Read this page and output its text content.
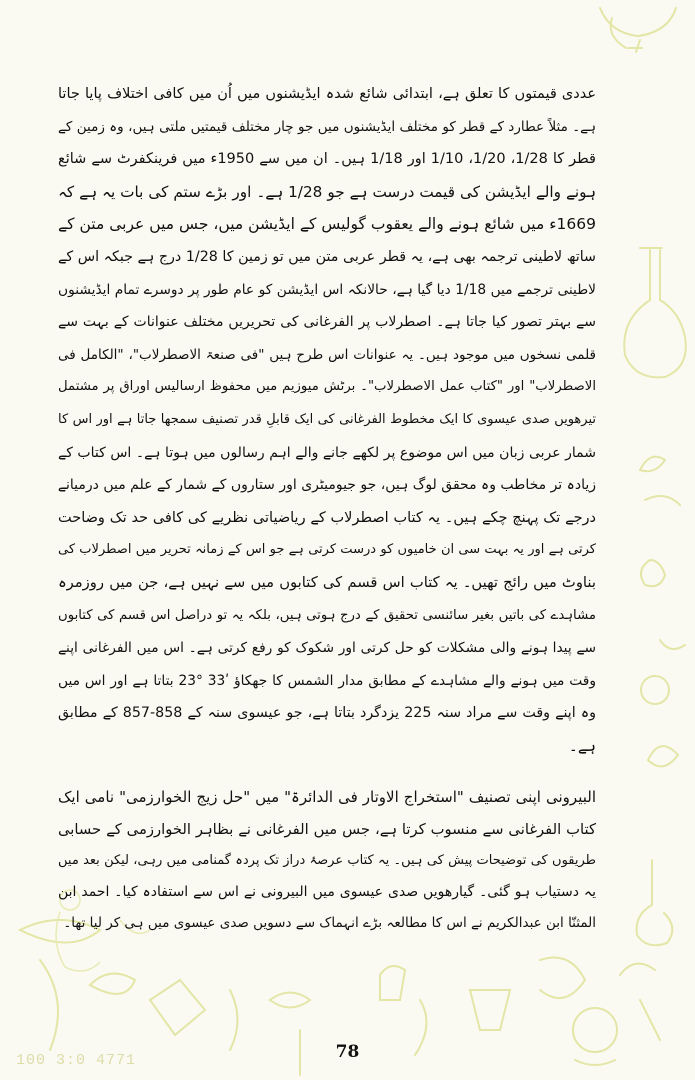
عددی قیمتوں کا تعلق ہے، ابتدائی شائع شدہ ایڈیشنوں میں اُن میں کافی اختلاف پایا جاتا
ہے۔ مثلاً عطارد کے قطر کو مختلف ایڈیشنوں میں جو چار مختلف قیمتیں ملتی ہیں، وہ زمین کے
قطر کا 1/28، 1/20، 1/10 اور 1/18 ہیں۔ ان میں سے 1950ء میں فرینکفرٹ سے شائع
ہونے والے ایڈیشن کی قیمت درست ہے جو 1/28 ہے۔ اور بڑے ستم کی بات یہ ہے کہ
1669ء میں شائع ہونے والے یعقوب گولیس کے ایڈیشن میں، جس میں عربی متن کے
ساتھ لاطینی ترجمہ بھی ہے، یہ قطر عربی متن میں تو زمین کا 1/28 درج ہے جبکہ اس کے
لاطینی ترجمے میں 1/18 دیا گیا ہے، حالانکہ اس ایڈیشن کو عام طور پر دوسرے تمام ایڈیشنوں
سے بہتر تصور کیا جاتا ہے۔ اصطرلاب پر الفرغانی کی تحریریں مختلف عنوانات کے بہت سے
قلمی نسخوں میں موجود ہیں۔ یہ عنوانات اس طرح ہیں "فی صنعۃ الاصطرلاب"، "الکامل فی
الاصطرلاب" اور "کتاب عمل الاصطرلاب"۔ برٹش میوزیم میں محفوظ ارسالیس اوراق پر مشتمل
تیرھویں صدی عیسوی کا ایک مخطوط الفرغانی کی ایک قابلِ قدر تصنیف سمجھا جاتا ہے اور اس کا
شمار عربی زبان میں اس موضوع پر لکھے جانے والے اہم رسالوں میں ہوتا ہے۔ اس کتاب کے
زیادہ تر مخاطب وہ محقق لوگ ہیں، جو جیومیٹری اور ستاروں کے شمار کے علم میں درمیانے
درجے تک پہنچ چکے ہیں۔ یہ کتاب اصطرلاب کے ریاضیاتی نظریے کی کافی حد تک وضاحت
کرتی ہے اور یہ بہت سی ان خامیوں کو درست کرتی ہے جو اس کے زمانہ تحریر میں اصطرلاب کی
بناوٹ میں رائج تھیں۔ یہ کتاب اس قسم کی کتابوں میں سے نہیں ہے، جن میں روزمرہ
مشاہدے کی باتیں بغیر سائنسی تحقیق کے درج ہوتی ہیں، بلکہ یہ تو دراصل اس قسم کی کتابوں
سے پیدا ہونے والی مشکلات کو حل کرتی اور شکوک کو رفع کرتی ہے۔ اس میں الفرغانی اپنے
وقت میں ہونے والے مشاہدے کے مطابق مدار الشمس کا جھکاؤ ʹ33 °23 بتاتا ہے اور اس میں
وہ اپنے وقت سے مراد سنہ 225 یزدگرد بتاتا ہے، جو عیسوی سنہ کے 858-857 کے مطابق
ہے۔

البیرونی اپنی تصنیف "استخراج الاوتار فی الدائرۃ" میں "حل زیج الخوارزمی" نامی ایک
کتاب الفرغانی سے منسوب کرتا ہے، جس میں الفرغانی نے بظاہر الخوارزمی کے حسابی
طریقوں کی توضیحات پیش کی ہیں۔ یہ کتاب عرصۂ دراز تک پردہ گمنامی میں رہی، لیکن بعد میں
یہ دستیاب ہو گئی۔ گیارھویں صدی عیسوی میں البیرونی نے اس سے استفادہ کیا۔ احمد ابن
المثنّا ابن عبدالکریم نے اس کا مطالعہ بڑے انہماک سے دسویں صدی عیسوی میں ہی کر لیا تھا۔

100 3:0 4771	78
